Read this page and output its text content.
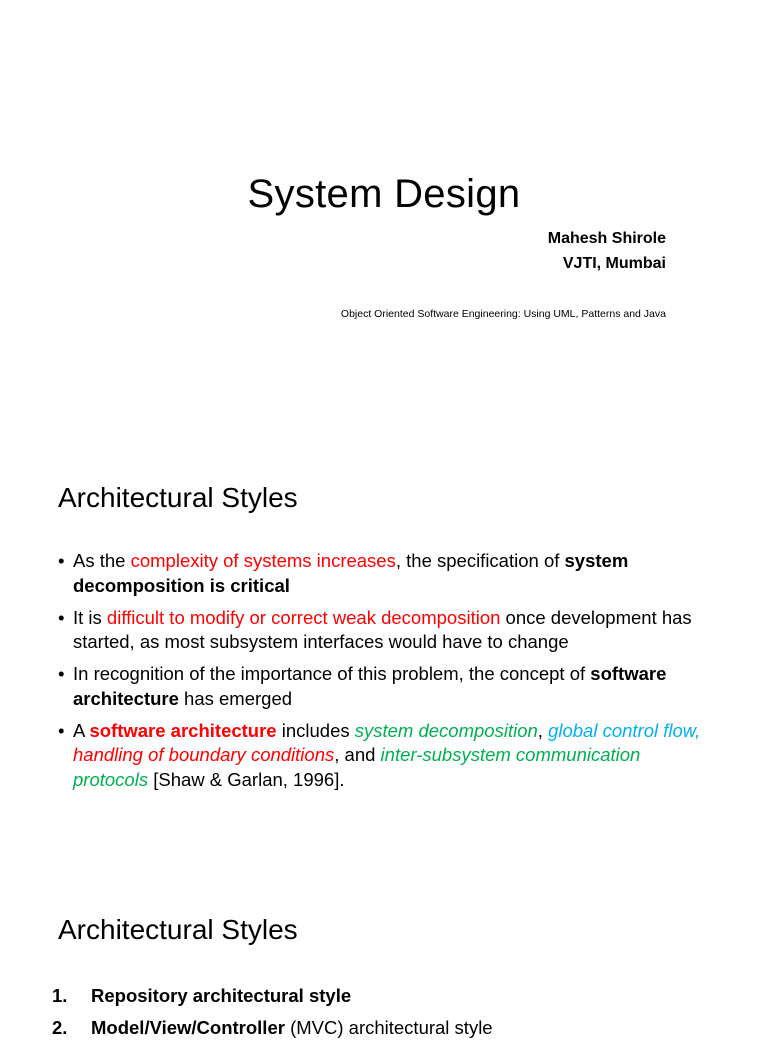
System Design

Mahesh Shirole

VJTI, Mumbai

Object Oriented Software Engineering: Using UML, Patterns and Java

Architectural Styles
• As the complexity of systems increases, the specification of system decomposition is critical
• It is difficult to modify or correct weak decomposition once development has started, as most subsystem interfaces would have to change
• In recognition of the importance of this problem, the concept of software architecture has emerged
• A software architecture includes system decomposition, global control flow, handling of boundary conditions, and inter-subsystem communication protocols [Shaw & Garlan, 1996].
Architectural Styles
1. Repository architectural style
2. Model/View/Controller (MVC) architectural style
